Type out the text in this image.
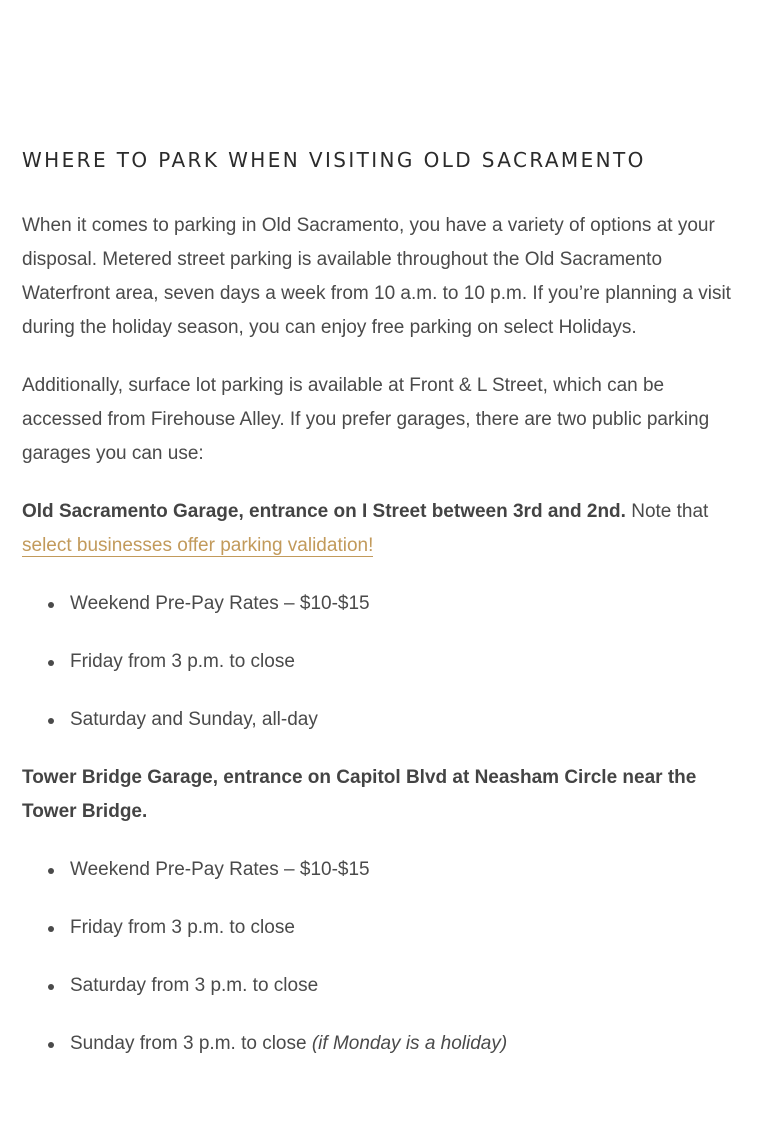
WHERE TO PARK WHEN VISITING OLD SACRAMENTO

When it comes to parking in Old Sacramento, you have a variety of options at your disposal. Metered street parking is available throughout the Old Sacramento Waterfront area, seven days a week from 10 a.m. to 10 p.m. If you’re planning a visit during the holiday season, you can enjoy free parking on select Holidays.

Additionally, surface lot parking is available at Front & L Street, which can be accessed from Firehouse Alley. If you prefer garages, there are two public parking garages you can use:

Old Sacramento Garage, entrance on I Street between 3rd and 2nd. Note that select businesses offer parking validation!

Weekend Pre-Pay Rates – $10-$15
Friday from 3 p.m. to close
Saturday and Sunday, all-day

Tower Bridge Garage, entrance on Capitol Blvd at Neasham Circle near the Tower Bridge.

Weekend Pre-Pay Rates – $10-$15
Friday from 3 p.m. to close
Saturday from 3 p.m. to close
Sunday from 3 p.m. to close (if Monday is a holiday)
